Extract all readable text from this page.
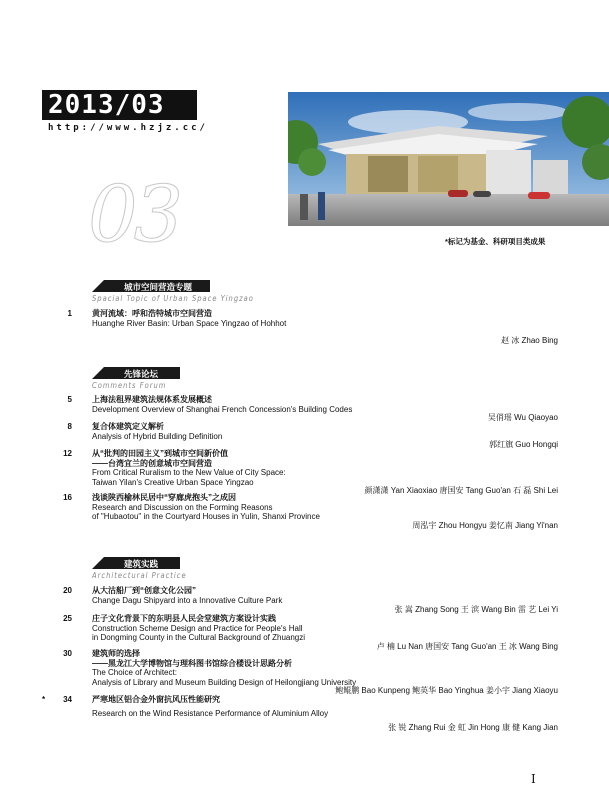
2013/03
http://www.hzjz.cc/
03	*标记为基金、科研项目类成果
城市空间营造专题
Spacial Topic of Urban Space Yingzao
1	黄河流域：呼和浩特城市空间营造
Huanghe River Basin: Urban Space Yingzao of Hohhot
赵 冰 Zhao Bing
先锋论坛
Comments Forum
5	上海法租界建筑法规体系发展概述
Development Overview of Shanghai French Concession's Building Codes
吴俏瑶 Wu Qiaoyao
8	复合体建筑定义解析
Analysis of Hybrid Building Definition
郭红旗 Guo Hongqi
12	从“批判的田园主义”到城市空间新价值
——台湾宜兰的创意城市空间营造
From Critical Ruralism to the New Value of City Space:
Taiwan Yilan's Creative Urban Space Yingzao
颜潇潇 Yan Xiaoxiao 唐国安 Tang Guo'an 石 磊 Shi Lei
16	浅谈陕西榆林民居中“穿廊虎抱头”之成因
Research and Discussion on the Forming Reasons
of "Hubaotou" in the Courtyard Houses in Yulin, Shanxi Province
周泓宇 Zhou Hongyu 姜忆南 Jiang Yi'nan
建筑实践
Architectural Practice
20	从大沽船厂到“创意文化公园”
Change Dagu Shipyard into a Innovative Culture Park
张 嵩 Zhang Song 王 滨 Wang Bin 雷 艺 Lei Yi
25	庄子文化背景下的东明县人民会堂建筑方案设计实践
Construction Scheme Design and Practice for People's Hall
in Dongming County in the Cultural Background of Zhuangzi
卢 楠 Lu Nan 唐国安 Tang Guo'an 王 冰 Wang Bing
30	建筑师的选择
——黑龙江大学博物馆与理科图书馆综合楼设计思路分析
The Choice of Architect:
Analysis of Library and Museum Building Design of Heilongjiang University
鲍鲲鹏 Bao Kunpeng 鲍英华 Bao Yinghua 姜小宇 Jiang Xiaoyu
*	34	严寒地区铝合金外窗抗风压性能研究
Research on the Wind Resistance Performance of Aluminium Alloy
张 锐 Zhang Rui 金 虹 Jin Hong 康 健 Kang Jian
I
